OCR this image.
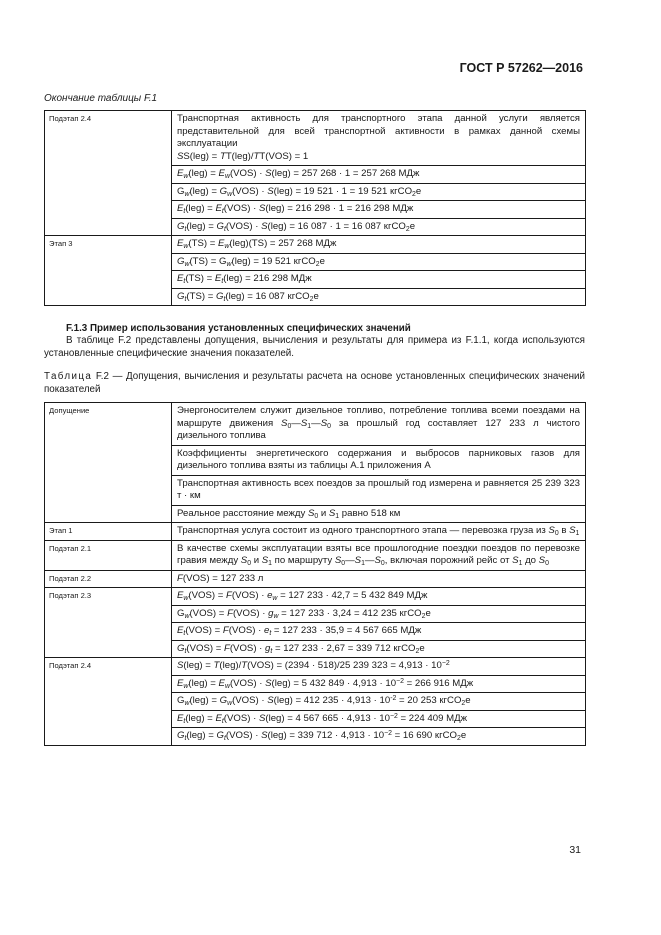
ГОСТ Р 57262—2016
Окончание таблицы F.1
Подэтап 2.4	Транспортная активность для транспортного этапа данной услуги является представительной для всей транспортной активности в рамках данной схемы эксплуатации
SS(leg) = TT(leg)/TT(VOS) = 1
	$E_w(leg) = E_w(VOS) \cdot S(leg) = 257$ 268 · 1 = 257 268 МДж
	$G_w(leg) = G_w(VOS) \cdot S(leg) = 19$ 521 · 1 = 19 521 кгCO$_2$e
	$E_t(leg) = E_t(VOS) \cdot S(leg) = 216$ 298 · 1 = 216 298 МДж
	$G_t(leg) = G_t(VOS) \cdot S(leg) = 16$ 087 · 1 = 16 087 кгCO$_2$e
Этап 3	$E_w(TS) = E_w(leg)(TS) = 257$ 268 МДж
	$G_w(TS) = G_w(leg) = 19$ 521 кгCO$_2$e
	$E_t(TS) = E_t(leg) = 216$ 298 МДж
	$G_t(TS) = G_t(leg) = 16$ 087 кгCO$_2$e
F.1.3 Пример использования установленных специфических значений
В таблице F.2 представлены допущения, вычисления и результаты для примера из F.1.1, когда используются установленные специфические значения показателей.
Таблица F.2 — Допущения, вычисления и результаты расчета на основе установленных специфических значений показателей
Допущение	Энергоносителем служит дизельное топливо, потребление топлива всеми поездами на маршруте движения $S_0—S_1—S_0$ за прошлый год составляет 127 233 л чистого дизельного топлива
	Коэффициенты энергетического содержания и выбросов парниковых газов для дизельного топлива взяты из таблицы А.1 приложения А
	Транспортная активность всех поездов за прошлый год измерена и равняется 25 239 323 т · км
	Реальное расстояние между $S_0$ и $S_1$ равно 518 км
Этап 1	Транспортная услуга состоит из одного транспортного этапа — перевозка груза из $S_0$ в $S_1$
Подэтап 2.1	В качестве схемы эксплуатации взяты все прошлогодние поездки поездов по перевозке гравия между $S_0$ и $S_1$ по маршруту $S_0—S_1—S_0$, включая порожний рейс от $S_1$ до $S_0$
Подэтап 2.2	F(VOS) = 127 233 л
Подэтап 2.3	$E_w(VOS) = F(VOS) \cdot e_w = 127$ 233 · 42,7 = 5 432 849 МДж
	$G_w(VOS) = F(VOS) \cdot g_w = 127$ 233 · 3,24 = 412 235 кгCO$_2$e
	$E_t(VOS) = F(VOS) \cdot e_t = 127$ 233 · 35,9 = 4 567 665 МДж
	$G_t(VOS) = F(VOS) \cdot g_t = 127$ 233 · 2,67 = 339 712 кгCO$_2$e
Подэтап 2.4	S(leg) = T(leg)/T(VOS) = (2394 · 518)/25 239 $323 = 4,913 \cdot 10^{-2}$
	$E_w(leg) = E_w(VOS) \cdot S(leg) = 5$ 432 $849 \cdot 4,913 \cdot 10^{-2} = 266$ 916 МДж
	$G_w(leg) = G_w(VOS) \cdot S(leg) = 412$ $235 \cdot 4,913 \cdot 10^{-2} = 20$ 253 кгCO$_2$e
	$E_t(leg) = E_t(VOS) \cdot S(leg) = 4$ 567 $665 \cdot 4,913 \cdot 10^{-2} = 224$ 409 МДж
	$G_t(leg) = G_t(VOS) \cdot S(leg) = 339$ $712 \cdot 4,913 \cdot 10^{-2} = 16$ 690 кгCO$_2$e
31
